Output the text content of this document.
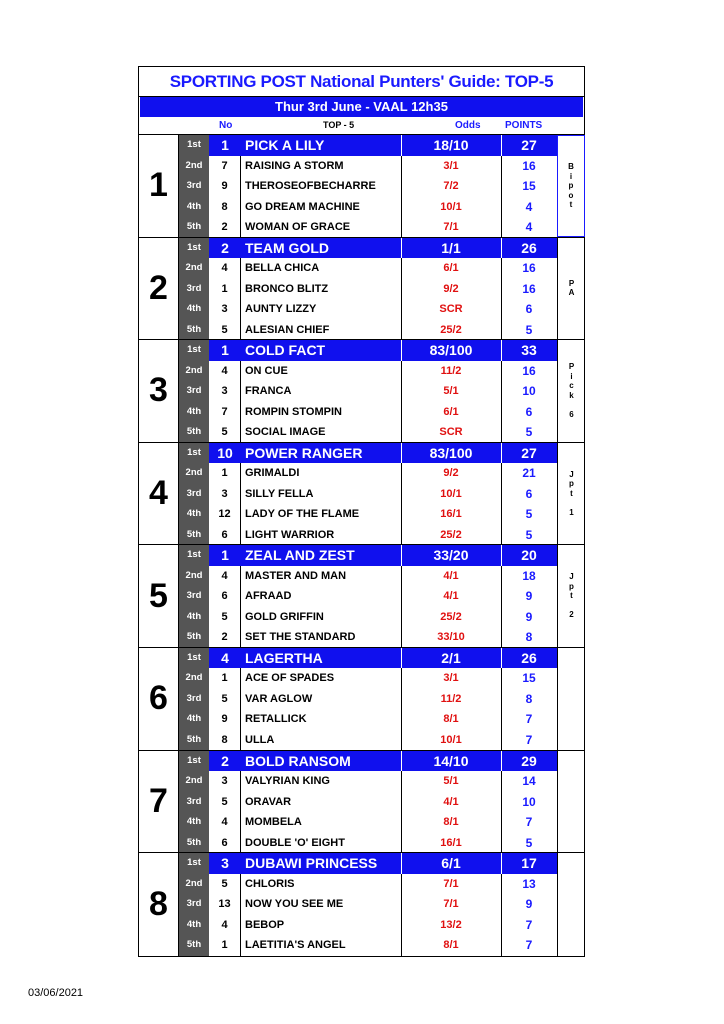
SPORTING POST National Punters' Guide: TOP-5
Thur 3rd June - VAAL 12h35
No	TOP - 5	Odds POINTS
1
1st	1	PICK A LILY	18/10	27
2nd	7	RAISING A STORM	3/1	16
3rd	9	THEROSEOFBECHARRE	7/2	15
4th	8	GO DREAM MACHINE	10/1	4
5th	2	WOMAN OF GRACE	7/1	4
B
i
p
o
t
2
1st	2	TEAM GOLD	1/1	26
2nd	4	BELLA CHICA	6/1	16
3rd	1	BRONCO BLITZ	9/2	16
4th	3	AUNTY LIZZY	SCR	6
5th	5	ALESIAN CHIEF	25/2	5
P
A
3
1st	1	COLD FACT	83/100	33
2nd	4	ON CUE	11/2	16
3rd	3	FRANCA	5/1	10
4th	7	ROMPIN STOMPIN	6/1	6
5th	5	SOCIAL IMAGE	SCR	5
P
i
c
k

6
4
1st	10 POWER RANGER	83/100	27
2nd	1	GRIMALDI	9/2	21
3rd	3	SILLY FELLA	10/1	6
4th	12	LADY OF THE FLAME	16/1	5
5th	6	LIGHT WARRIOR	25/2	5
J
p
t

1
5
1st	1	ZEAL AND ZEST	33/20	20
2nd	4	MASTER AND MAN	4/1	18
3rd	6	AFRAAD	4/1	9
4th	5	GOLD GRIFFIN	25/2	9
5th	2	SET THE STANDARD	33/10	8
J
p
t

2
6
1st	4	LAGERTHA	2/1	26
2nd	1	ACE OF SPADES	3/1	15
3rd	5	VAR AGLOW	11/2	8
4th	9	RETALLICK	8/1	7
5th	8	ULLA	10/1	7
7
1st	2	BOLD RANSOM	14/10	29
2nd	3	VALYRIAN KING	5/1	14
3rd	5	ORAVAR	4/1	10
4th	4	MOMBELA	8/1	7
5th	6	DOUBLE 'O' EIGHT	16/1	5
8
1st	3	DUBAWI PRINCESS	6/1	17
2nd	5	CHLORIS	7/1	13
3rd	13	NOW YOU SEE ME	7/1	9
4th	4	BEBOP	13/2	7
5th	1	LAETITIA'S ANGEL	8/1	7
03/06/2021
